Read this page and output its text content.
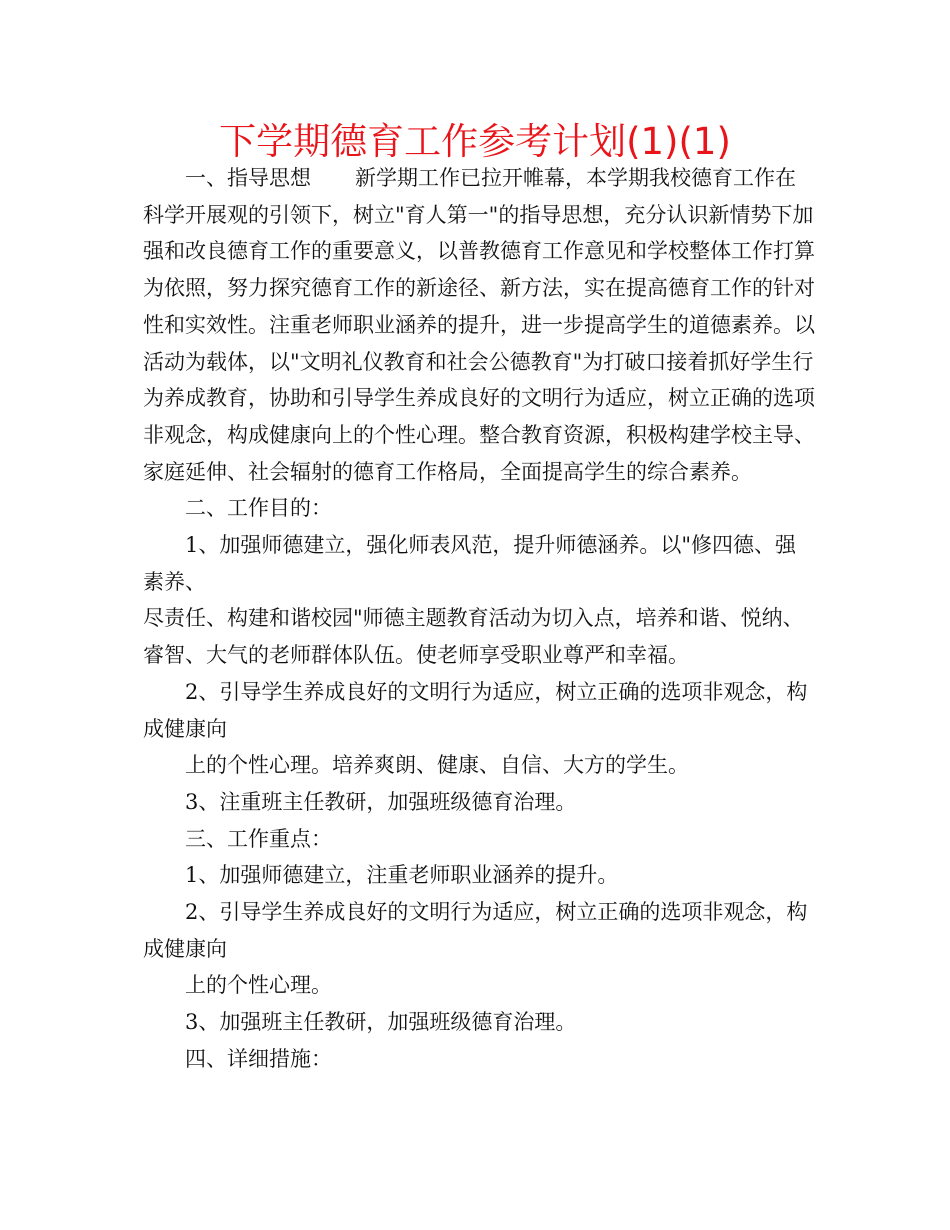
下学期德育工作参考计划(1)(1)

一、指导思想 新学期工作已拉开帷幕，本学期我校德育工作在科学开展观的引领下，树立"育人第一"的指导思想，充分认识新情势下加强和改良德育工作的重要意义，以普教德育工作意见和学校整体工作打算为依照，努力探究德育工作的新途径、新方法，实在提高德育工作的针对性和实效性。注重老师职业涵养的提升，进一步提高学生的道德素养。以活动为载体，以"文明礼仪教育和社会公德教育"为打破口接着抓好学生行为养成教育，协助和引导学生养成良好的文明行为适应，树立正确的选项非观念，构成健康向上的个性心理。整合教育资源，积极构建学校主导、家庭延伸、社会辐射的德育工作格局，全面提高学生的综合素养。

二、工作目的：

1、加强师德建立，强化师表风范，提升师德涵养。以"修四德、强素养、

尽责任、构建和谐校园"师德主题教育活动为切入点，培养和谐、悦纳、睿智、大气的老师群体队伍。使老师享受职业尊严和幸福。

2、引导学生养成良好的文明行为适应，树立正确的选项非观念，构成健康向

上的个性心理。培养爽朗、健康、自信、大方的学生。

3、注重班主任教研，加强班级德育治理。

三、工作重点：

1、加强师德建立，注重老师职业涵养的提升。

2、引导学生养成良好的文明行为适应，树立正确的选项非观念，构成健康向

上的个性心理。

3、加强班主任教研，加强班级德育治理。

四、详细措施：
